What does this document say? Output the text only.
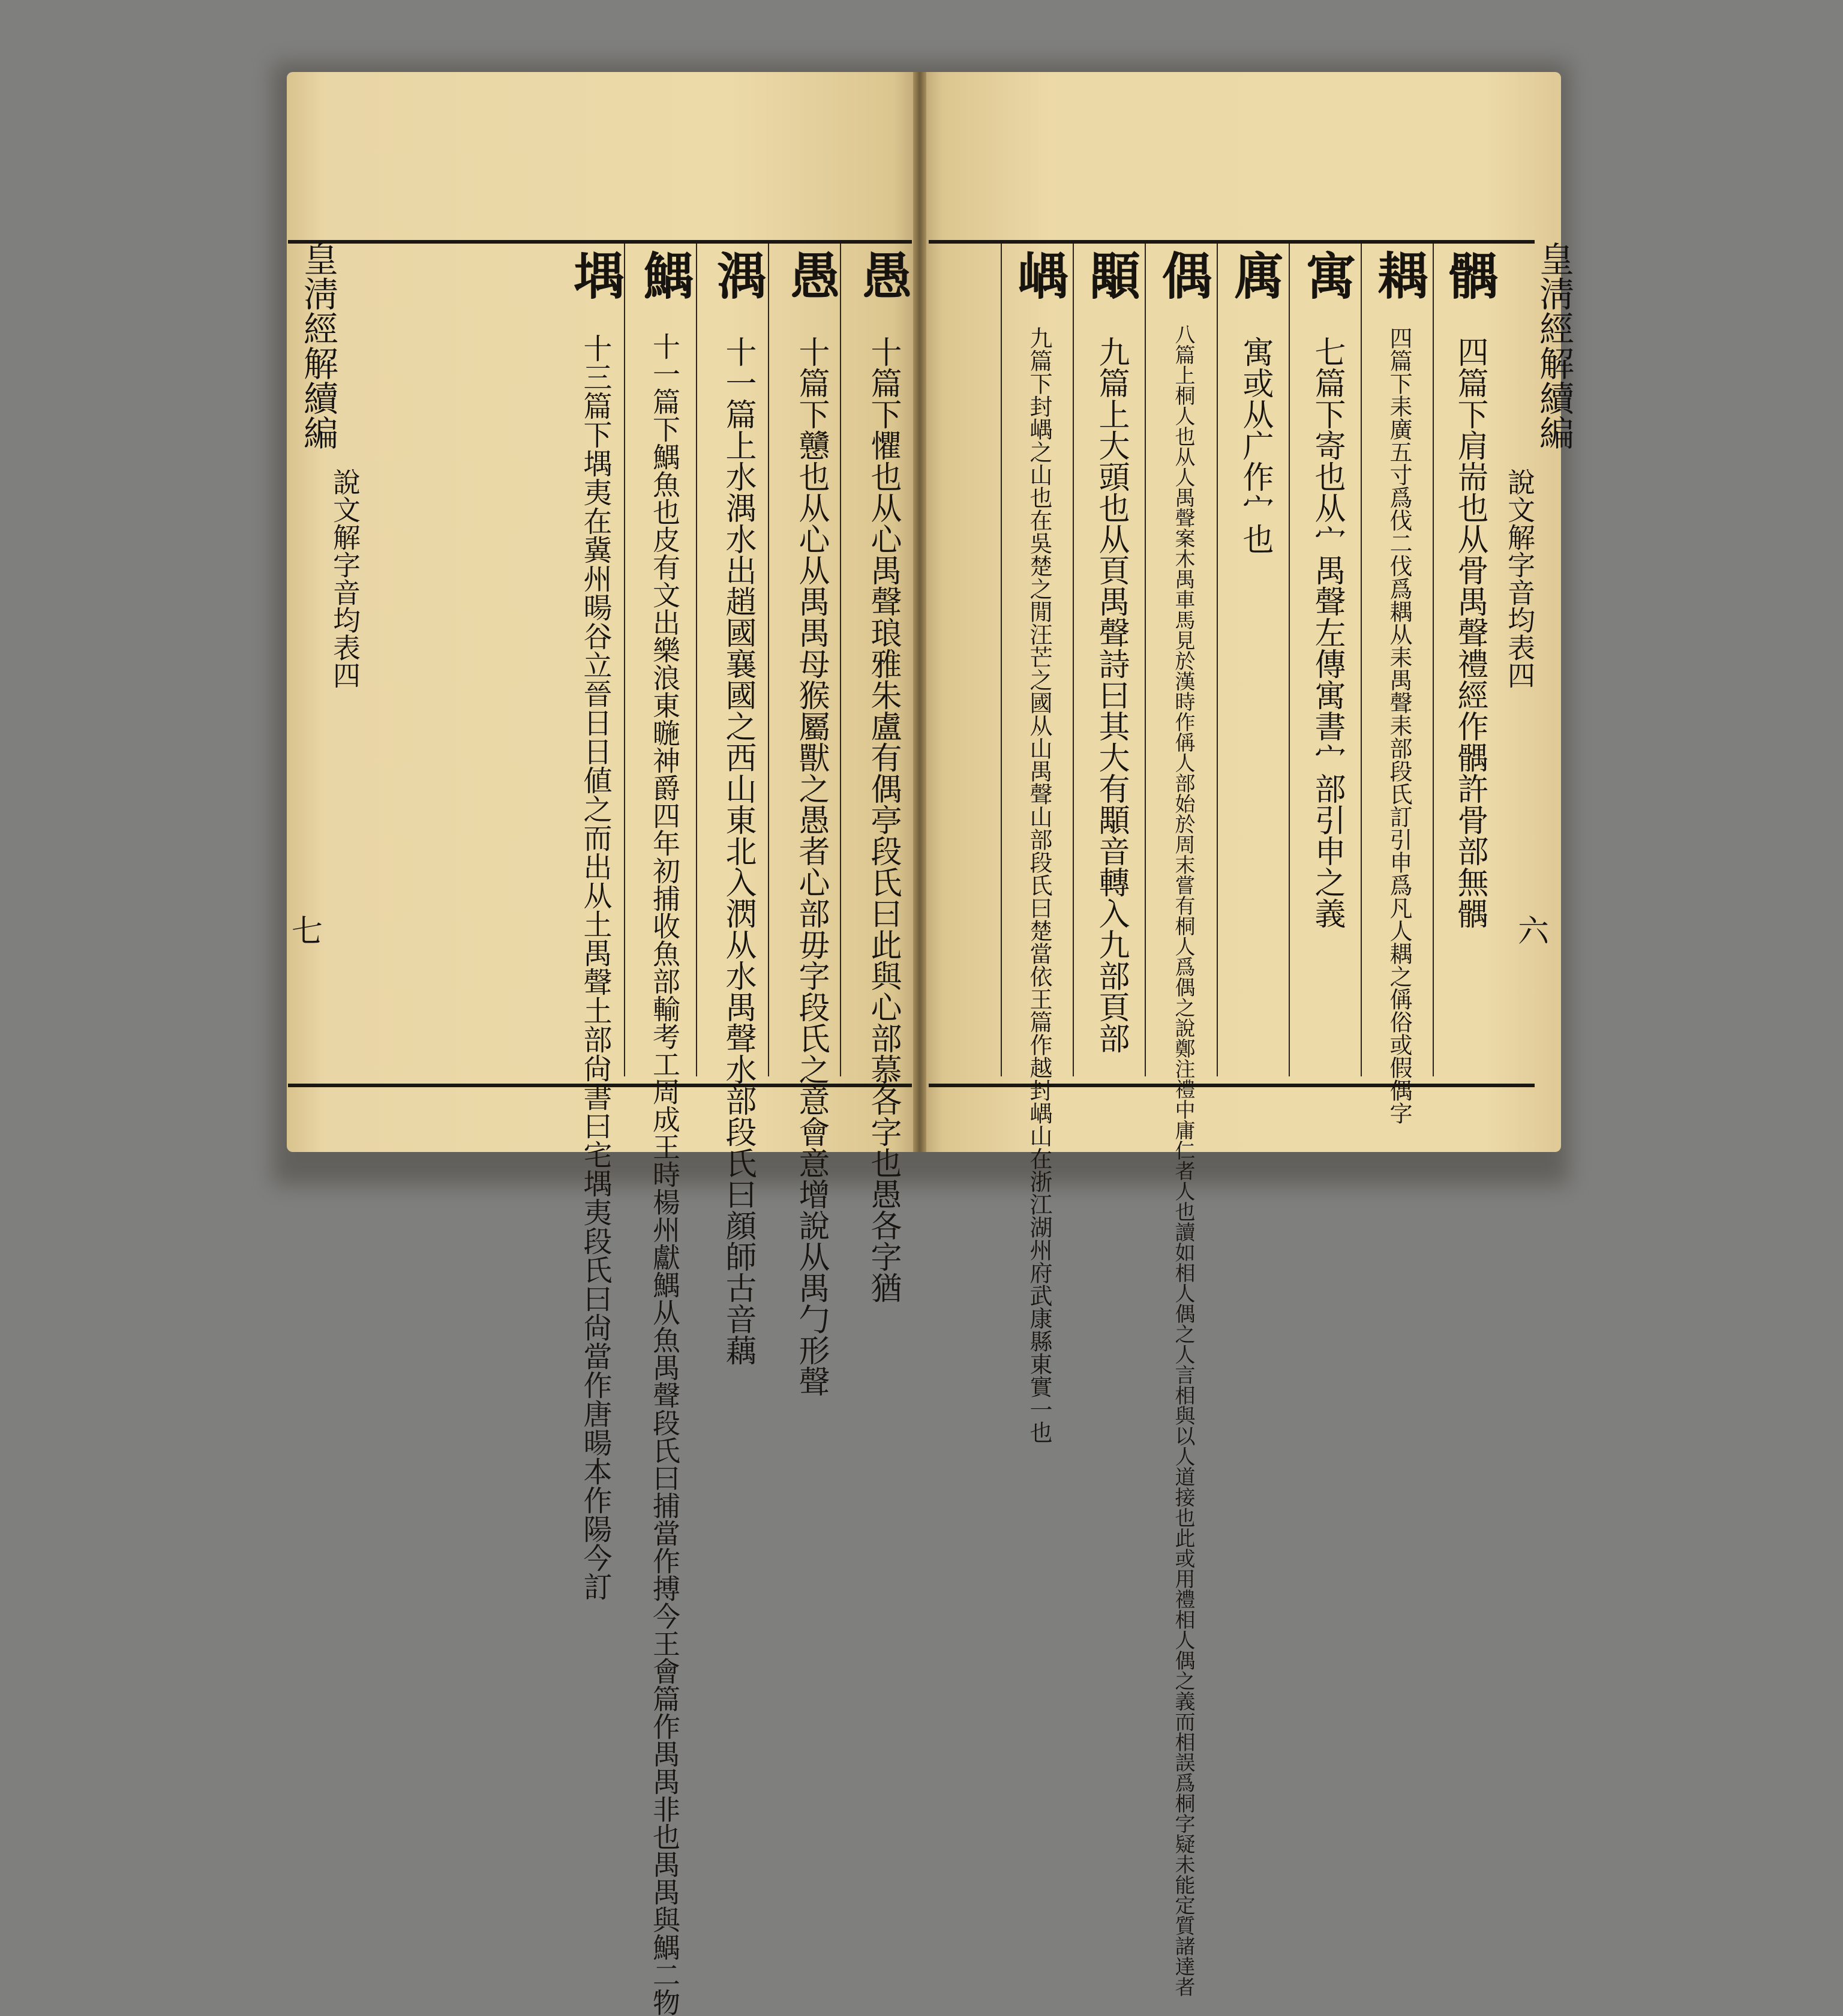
愚 十篇下懼也从心禺聲琅雅朱盧有偶亭段氏曰此與心部慕各字也愚各字猶
愚 十篇下戇也从心从禺禺母猴屬獸之愚者心部毋字段氏之意會意增說从禺勹形聲
湡 十一篇上水湡水出趙國襄國之西山東北入㴸从水禺聲水部段氏曰顔師古音藕
鰅 十一篇下鰅魚也皮有文出樂浪東暆神爵四年初捕收魚部輸考工周成王時楊州獻鰅从魚禺聲段氏曰捕當作搏今王會篇作禺禺非也禺禺與鰅二物
堣 十三篇下堣夷在冀州暘谷立晉日日値之而出从土禺聲土部尙書曰宅堣夷段氏曰尙當作唐暘本作陽今訂
皇淸經解續編
說文解字音均表四
七
髃 四篇下肩耑也从骨禺聲禮經作髃許骨部無髃
耦 四篇下耒廣五寸爲伐二伐爲耦从耒禺聲耒部段氏訂引申爲凡人耦之偁俗或假偶字
寓 七篇下寄也从宀禺聲左傳寓書宀部引申之義
庽 寓或从广作宀也
偶 八篇上桐人也从人禺聲案木禺車馬見於漢時作偁人部始於周末嘗有桐人爲偶之說鄭注禮中庸仁者人也讀如相人偶之人言相與以人道接也此或用禮相人偶之義而相誤爲桐字疑未能定質諸達者
顒 九篇上大頭也从頁禺聲詩曰其大有顒音轉入九部頁部
嵎 九篇下封嵎之山也在吳楚之閒汪芒之國从山禺聲山部段氏曰楚當依王篇作越封嵎山在浙江湖州府武康縣東實一也	皇淸經解續編
說文解字音均表四
六
